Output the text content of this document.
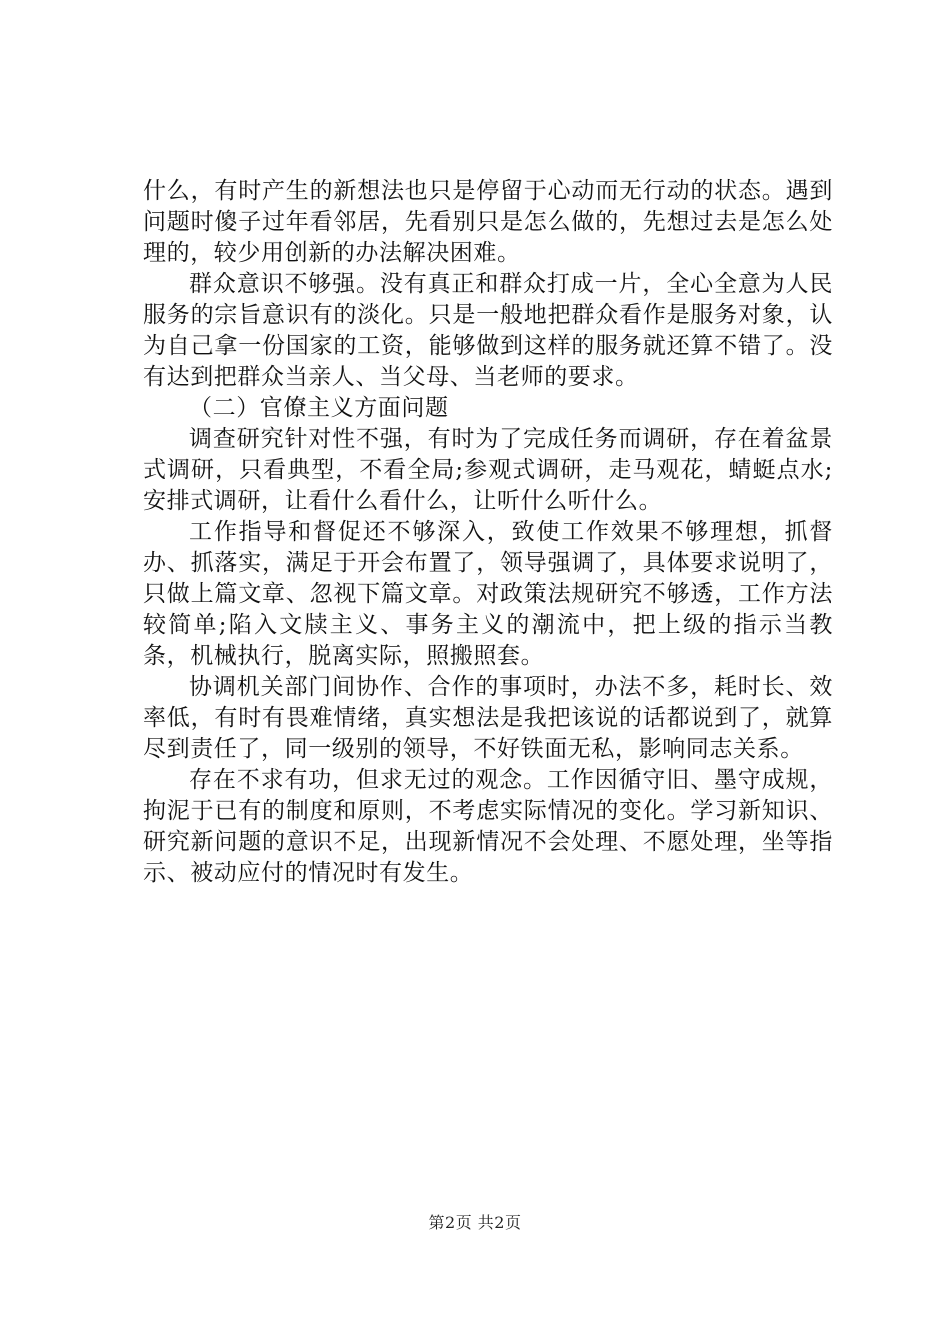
什么，有时产生的新想法也只是停留于心动而无行动的状态。遇到问题时傻子过年看邻居，先看别只是怎么做的，先想过去是怎么处理的，较少用创新的办法解决困难。

群众意识不够强。没有真正和群众打成一片，全心全意为人民服务的宗旨意识有的淡化。只是一般地把群众看作是服务对象，认为自己拿一份国家的工资，能够做到这样的服务就还算不错了。没有达到把群众当亲人、当父母、当老师的要求。

（二）官僚主义方面问题

调查研究针对性不强，有时为了完成任务而调研，存在着盆景式调研，只看典型，不看全局;参观式调研，走马观花，蜻蜓点水;安排式调研，让看什么看什么，让听什么听什么。

工作指导和督促还不够深入，致使工作效果不够理想，抓督办、抓落实，满足于开会布置了，领导强调了，具体要求说明了，只做上篇文章、忽视下篇文章。对政策法规研究不够透，工作方法较简单;陷入文牍主义、事务主义的潮流中，把上级的指示当教条，机械执行，脱离实际，照搬照套。

协调机关部门间协作、合作的事项时，办法不多，耗时长、效率低，有时有畏难情绪，真实想法是我把该说的话都说到了，就算尽到责任了，同一级别的领导，不好铁面无私，影响同志关系。

存在不求有功，但求无过的观念。工作因循守旧、墨守成规，拘泥于已有的制度和原则，不考虑实际情况的变化。学习新知识、研究新问题的意识不足，出现新情况不会处理、不愿处理，坐等指示、被动应付的情况时有发生。

第2页 共2页
